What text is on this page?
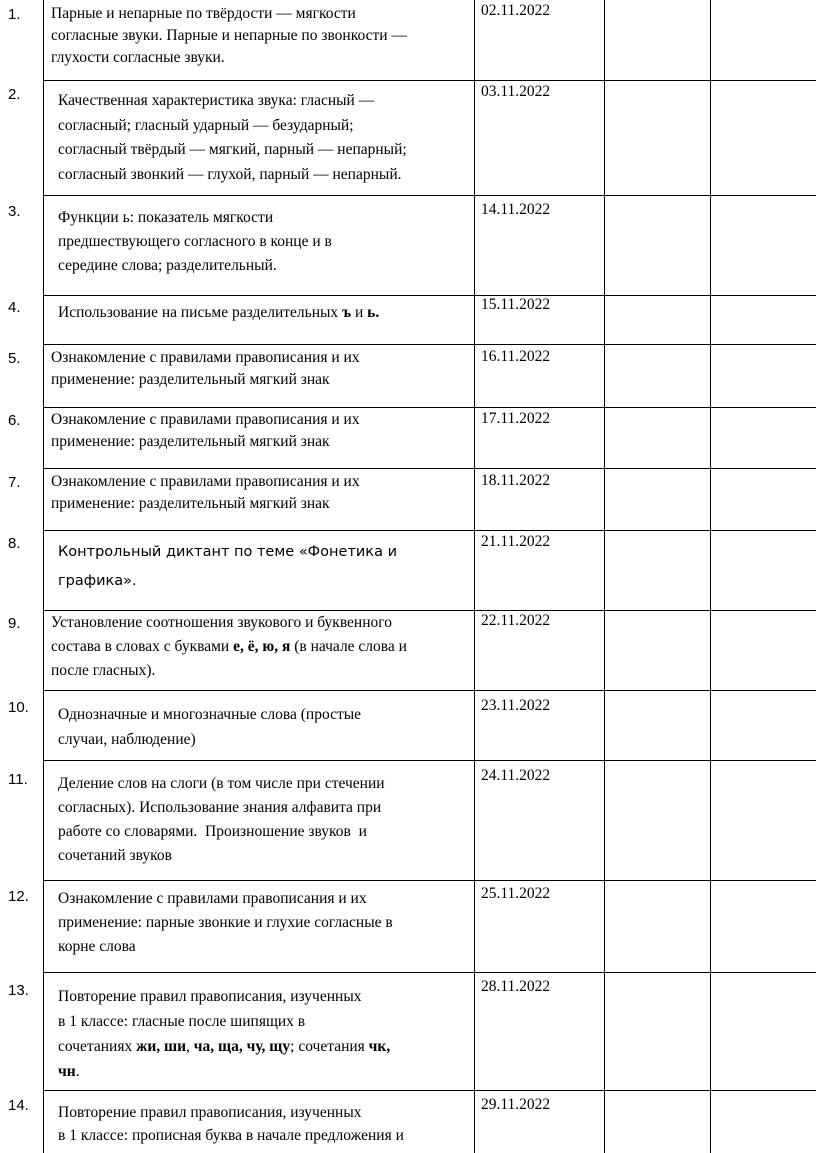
1. Парные и непарные по твёрдости — мягкости
согласные звуки. Парные и непарные по звонкости —
глухости согласные звуки.
02.11.2022
2. Качественная характеристика звука: гласный —
согласный; гласный ударный — безударный;
согласный твёрдый — мягкий, парный — непарный;
согласный звонкий — глухой, парный — непарный.
03.11.2022
3. Функции ь: показатель мягкости
предшествующего согласного в конце и в
середине слова; разделительный.
14.11.2022
4. Использование на письме разделительных ъ и ь.	15.11.2022
5. Ознакомление с правилами правописания и их
применение: разделительный мягкий знак
16.11.2022
6. Ознакомление с правилами правописания и их
применение: разделительный мягкий знак
17.11.2022
7. Ознакомление с правилами правописания и их
применение: разделительный мягкий знак
18.11.2022
8.	Контрольный диктант по теме «Фонетика и
графика».
21.11.2022
9. Установление соотношения звукового и буквенного
состава в словах с буквами е, ё, ю, я (в начале слова и
после гласных).
22.11.2022
10. Однозначные и многозначные слова (простые
случаи, наблюдение)
23.11.2022
11. Деление слов на слоги (в том числе при стечении
согласных). Использование знания алфавита при
работе со словарями.  Произношение звуков  и
сочетаний звуков
24.11.2022
12. Ознакомление с правилами правописания и их
применение: парные звонкие и глухие согласные в
корне слова
25.11.2022
13. Повторение правил правописания, изученных
в 1 классе: гласные после шипящих в
сочетаниях жи, ши, ча, ща, чу, щу; сочетания чк,
чн.
28.11.2022
14. Повторение правил правописания, изученных
в 1 классе: прописная буква в начале предложения и
29.11.2022
